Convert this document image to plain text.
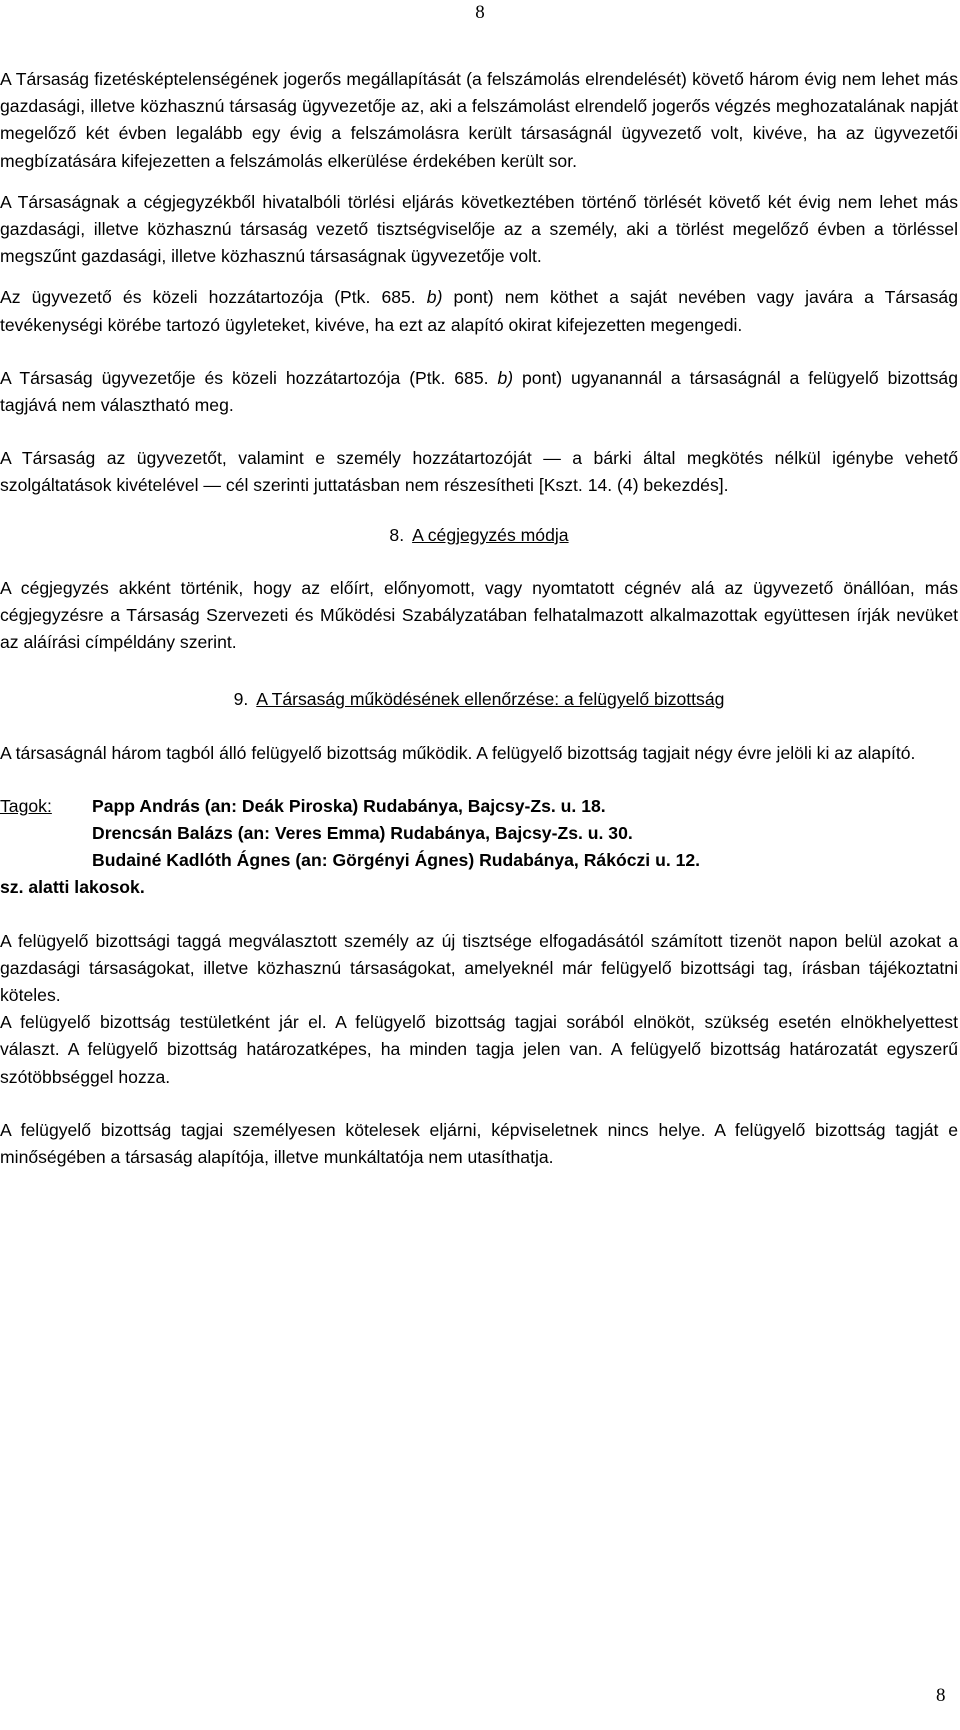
8

A Társaság fizetésképtelenségének jogerős megállapítását (a felszámolás elrendelését) követő három évig nem lehet más gazdasági, illetve közhasznú társaság ügyvezetője az, aki a felszámolást elrendelő jogerős végzés meghozatalának napját megelőző két évben legalább egy évig a felszámolásra került társaságnál ügyvezető volt, kivéve, ha az ügyvezetői megbízatására kifejezetten a felszámolás elkerülése érdekében került sor.

A Társaságnak a cégjegyzékből hivatalbóli törlési eljárás következtében történő törlését követő két évig nem lehet más gazdasági, illetve közhasznú társaság vezető tisztségviselője az a személy, aki a törlést megelőző évben a törléssel megszűnt gazdasági, illetve közhasznú társaságnak ügyvezetője volt.

Az ügyvezető és közeli hozzátartozója (Ptk. 685. b) pont) nem köthet a saját nevében vagy javára a Társaság tevékenységi körébe tartozó ügyleteket, kivéve, ha ezt az alapító okirat kifejezetten megengedi.

A Társaság ügyvezetője és közeli hozzátartozója (Ptk. 685. b) pont) ugyanannál a társaságnál a felügyelő bizottság tagjává nem választható meg.

A Társaság az ügyvezetőt, valamint e személy hozzátartozóját — a bárki által megkötés nélkül igénybe vehető szolgáltatások kivételével — cél szerinti juttatásban nem részesítheti [Kszt. 14. (4) bekezdés].

8. A cégjegyzés módja

A cégjegyzés akként történik, hogy az előírt, előnyomott, vagy nyomtatott cégnév alá az ügyvezető önállóan, más cégjegyzésre a Társaság Szervezeti és Működési Szabályzatában felhatalmazott alkalmazottak együttesen írják nevüket az aláírási címpéldány szerint.

9. A Társaság működésének ellenőrzése: a felügyelő bizottság

A társaságnál három tagból álló felügyelő bizottság működik. A felügyelő bizottság tagjait négy évre jelöli ki az alapító.

Tagok:	Papp András (an: Deák Piroska) Rudabánya, Bajcsy-Zs. u. 18.
Drencsán Balázs (an: Veres Emma) Rudabánya, Bajcsy-Zs. u. 30.
Budainé Kadlóth Ágnes (an: Görgényi Ágnes) Rudabánya, Rákóczi u. 12.
sz. alatti lakosok.

A felügyelő bizottsági taggá megválasztott személy az új tisztsége elfogadásától számított tizenöt napon belül azokat a gazdasági társaságokat, illetve közhasznú társaságokat, amelyeknél már felügyelő bizottsági tag, írásban tájékoztatni köteles.

A felügyelő bizottság testületként jár el. A felügyelő bizottság tagjai sorából elnököt, szükség esetén elnökhelyettest választ. A felügyelő bizottság határozatképes, ha minden tagja jelen van. A felügyelő bizottság határozatát egyszerű szótöbbséggel hozza.

A felügyelő bizottság tagjai személyesen kötelesek eljárni, képviseletnek nincs helye. A felügyelő bizottság tagját e minőségében a társaság alapítója, illetve munkáltatója nem utasíthatja.

8
